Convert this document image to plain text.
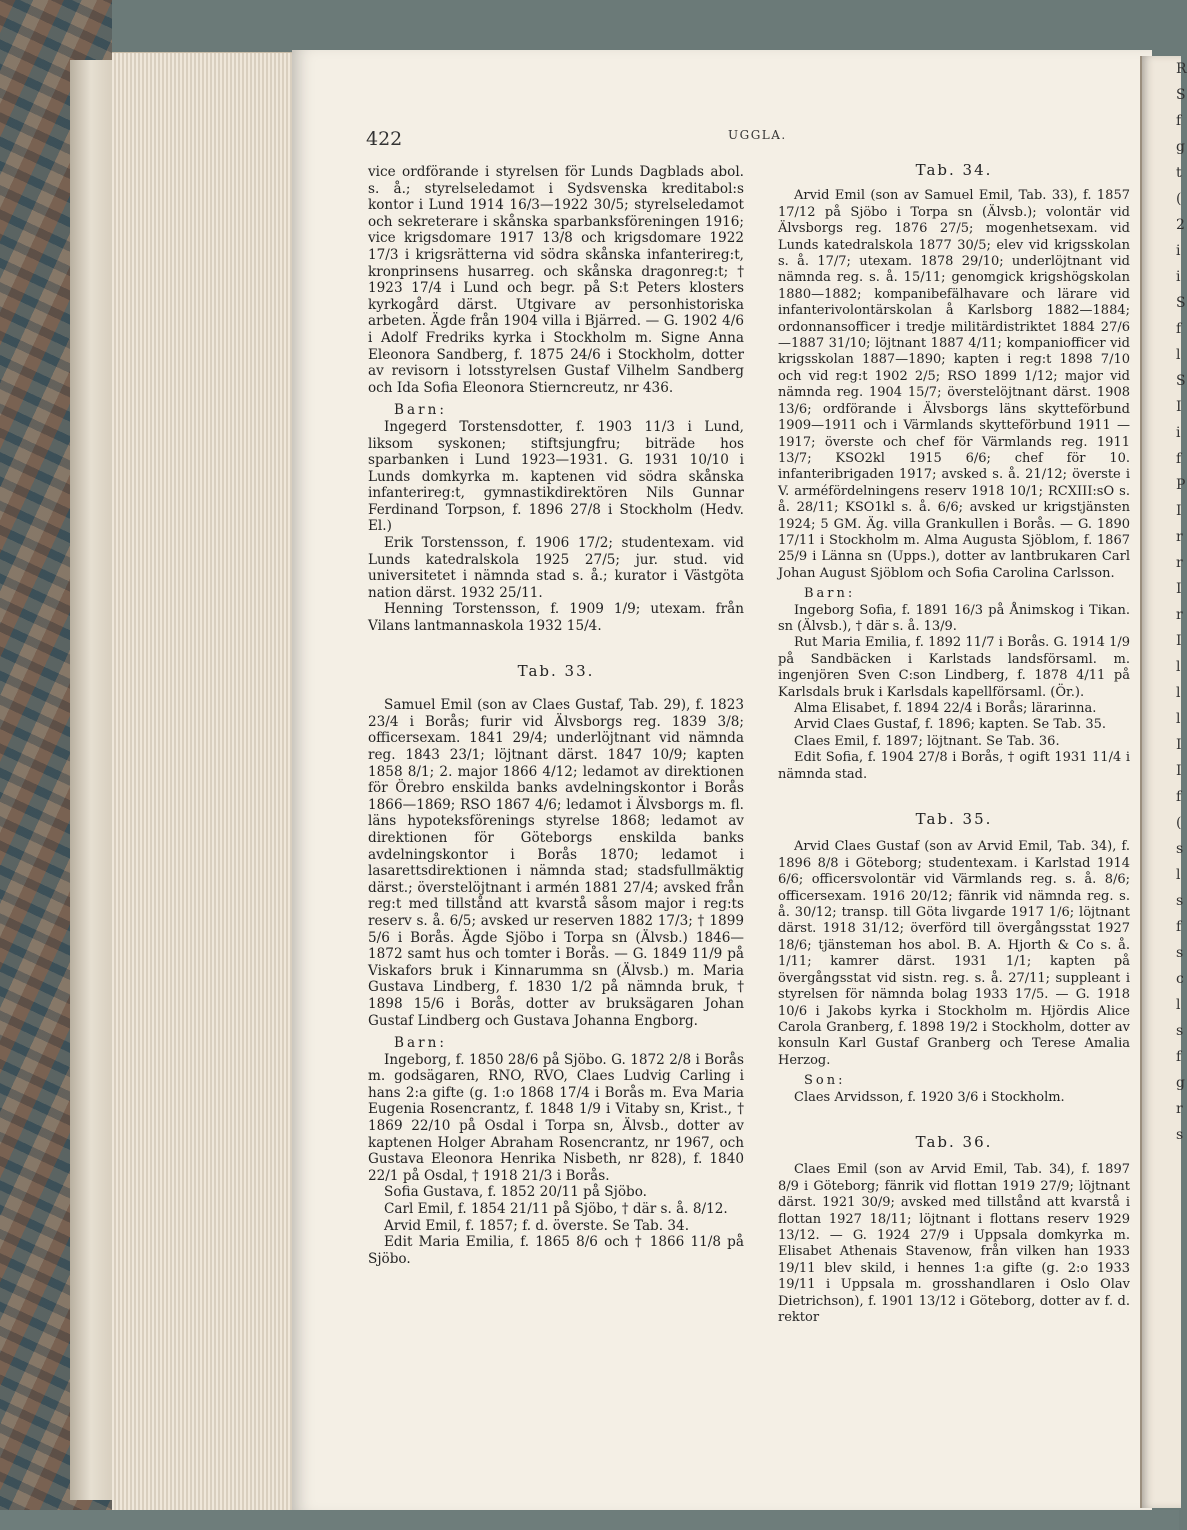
R
S
f
g
t
(
2
i
i
S
f
l
S
I
i
f
P
I
r
r
I
r
I
l
l
l
I
I
f
(
s
l
s
f
s
c
l
s
f
g
r
s
422	UGGLA.

vice ordförande i styrelsen för Lunds Dagblads abol. s. å.; styrelseledamot i Sydsvenska kreditabol:s kontor i Lund 1914 16/3—1922 30/5; styrelseledamot och sekreterare i skånska sparbanksföreningen 1916; vice krigsdomare 1917 13/8 och krigsdomare 1922 17/3 i krigsrätterna vid södra skånska infanterireg:t, kronprinsens husarreg. och skånska dragonreg:t; † 1923 17/4 i Lund och begr. på S:t Peters klosters kyrkogård därst. Utgivare av personhistoriska arbeten. Ägde från 1904 villa i Bjärred. — G. 1902 4/6 i Adolf Fredriks kyrka i Stockholm m. Signe Anna Eleonora Sandberg, f. 1875 24/6 i Stockholm, dotter av revisorn i lotsstyrelsen Gustaf Vilhelm Sandberg och Ida Sofia Eleonora Stierncreutz, nr 436.

Barn:

Ingegerd Torstensdotter, f. 1903 11/3 i Lund, liksom syskonen; stiftsjungfru; biträde hos sparbanken i Lund 1923—1931. G. 1931 10/10 i Lunds domkyrka m. kaptenen vid södra skånska infanterireg:t, gymnastikdirektören Nils Gunnar Ferdinand Torpson, f. 1896 27/8 i Stockholm (Hedv. El.)

Erik Torstensson, f. 1906 17/2; studentexam. vid Lunds katedralskola 1925 27/5; jur. stud. vid universitetet i nämnda stad s. å.; kurator i Västgöta nation därst. 1932 25/11.

Henning Torstensson, f. 1909 1/9; utexam. från Vilans lantmannaskola 1932 15/4.

Tab. 33.

Samuel Emil (son av Claes Gustaf, Tab. 29), f. 1823 23/4 i Borås; furir vid Älvsborgs reg. 1839 3/8; officersexam. 1841 29/4; underlöjtnant vid nämnda reg. 1843 23/1; löjtnant därst. 1847 10/9; kapten 1858 8/1; 2. major 1866 4/12; ledamot av direktionen för Örebro enskilda banks avdelningskontor i Borås 1866—1869; RSO 1867 4/6; ledamot i Älvsborgs m. fl. läns hypoteksförenings styrelse 1868; ledamot av direktionen för Göteborgs enskilda banks avdelningskontor i Borås 1870; ledamot i lasarettsdirektionen i nämnda stad; stadsfullmäktig därst.; överstelöjtnant i armén 1881 27/4; avsked från reg:t med tillstånd att kvarstå såsom major i reg:ts reserv s. å. 6/5; avsked ur reserven 1882 17/3; † 1899 5/6 i Borås. Ägde Sjöbo i Torpa sn (Älvsb.) 1846—1872 samt hus och tomter i Borås. — G. 1849 11/9 på Viskafors bruk i Kinnarumma sn (Älvsb.) m. Maria Gustava Lindberg, f. 1830 1/2 på nämnda bruk, † 1898 15/6 i Borås, dotter av bruksägaren Johan Gustaf Lindberg och Gustava Johanna Engborg.

Barn:

Ingeborg, f. 1850 28/6 på Sjöbo. G. 1872 2/8 i Borås m. godsägaren, RNO, RVO, Claes Ludvig Carling i hans 2:a gifte (g. 1:o 1868 17/4 i Borås m. Eva Maria Eugenia Rosencrantz, f. 1848 1/9 i Vitaby sn, Krist., † 1869 22/10 på Osdal i Torpa sn, Älvsb., dotter av kaptenen Holger Abraham Rosencrantz, nr 1967, och Gustava Eleonora Henrika Nisbeth, nr 828), f. 1840 22/1 på Osdal, † 1918 21/3 i Borås.

Sofia Gustava, f. 1852 20/11 på Sjöbo.

Carl Emil, f. 1854 21/11 på Sjöbo, † där s. å. 8/12.

Arvid Emil, f. 1857; f. d. överste. Se Tab. 34.

Edit Maria Emilia, f. 1865 8/6 och † 1866 11/8 på Sjöbo.

Tab. 34.

Arvid Emil (son av Samuel Emil, Tab. 33), f. 1857 17/12 på Sjöbo i Torpa sn (Älvsb.); volontär vid Älvsborgs reg. 1876 27/5; mogenhetsexam. vid Lunds katedralskola 1877 30/5; elev vid krigsskolan s. å. 17/7; utexam. 1878 29/10; underlöjtnant vid nämnda reg. s. å. 15/11; genomgick krigshögskolan 1880—1882; kompanibefälhavare och lärare vid infanterivolontärskolan å Karlsborg 1882—1884; ordonnansofficer i tredje militärdistriktet 1884 27/6—1887 31/10; löjtnant 1887 4/11; kompaniofficer vid krigsskolan 1887—1890; kapten i reg:t 1898 7/10 och vid reg:t 1902 2/5; RSO 1899 1/12; major vid nämnda reg. 1904 15/7; överstelöjtnant därst. 1908 13/6; ordförande i Älvsborgs läns skytteförbund 1909—1911 och i Värmlands skytteförbund 1911 —1917; överste och chef för Värmlands reg. 1911 13/7; KSO2kl 1915 6/6; chef för 10. infanteribrigaden 1917; avsked s. å. 21/12; överste i V. arméfördelningens reserv 1918 10/1; RCXIII:sO s. å. 28/11; KSO1kl s. å. 6/6; avsked ur krigstjänsten 1924; 5 GM. Äg. villa Grankullen i Borås. — G. 1890 17/11 i Stockholm m. Alma Augusta Sjöblom, f. 1867 25/9 i Länna sn (Upps.), dotter av lantbrukaren Carl Johan August Sjöblom och Sofia Carolina Carlsson.

Barn:

Ingeborg Sofia, f. 1891 16/3 på Ånimskog i Tikan. sn (Älvsb.), † där s. å. 13/9.

Rut Maria Emilia, f. 1892 11/7 i Borås. G. 1914 1/9 på Sandbäcken i Karlstads landsförsaml. m. ingenjören Sven C:son Lindberg, f. 1878 4/11 på Karlsdals bruk i Karlsdals kapellförsaml. (Ör.).

Alma Elisabet, f. 1894 22/4 i Borås; lärarinna.

Arvid Claes Gustaf, f. 1896; kapten. Se Tab. 35.

Claes Emil, f. 1897; löjtnant. Se Tab. 36.

Edit Sofia, f. 1904 27/8 i Borås, † ogift 1931 11/4 i nämnda stad.

Tab. 35.

Arvid Claes Gustaf (son av Arvid Emil, Tab. 34), f. 1896 8/8 i Göteborg; studentexam. i Karlstad 1914 6/6; officersvolontär vid Värmlands reg. s. å. 8/6; officersexam. 1916 20/12; fänrik vid nämnda reg. s. å. 30/12; transp. till Göta livgarde 1917 1/6; löjtnant därst. 1918 31/12; överförd till övergångsstat 1927 18/6; tjänsteman hos abol. B. A. Hjorth & Co s. å. 1/11; kamrer därst. 1931 1/1; kapten på övergångsstat vid sistn. reg. s. å. 27/11; suppleant i styrelsen för nämnda bolag 1933 17/5. — G. 1918 10/6 i Jakobs kyrka i Stockholm m. Hjördis Alice Carola Granberg, f. 1898 19/2 i Stockholm, dotter av konsuln Karl Gustaf Granberg och Terese Amalia Herzog.

Son:

Claes Arvidsson, f. 1920 3/6 i Stockholm.

Tab. 36.

Claes Emil (son av Arvid Emil, Tab. 34), f. 1897 8/9 i Göteborg; fänrik vid flottan 1919 27/9; löjtnant därst. 1921 30/9; avsked med tillstånd att kvarstå i flottan 1927 18/11; löjtnant i flottans reserv 1929 13/12. — G. 1924 27/9 i Uppsala domkyrka m. Elisabet Athenais Stavenow, från vilken han 1933 19/11 blev skild, i hennes 1:a gifte (g. 2:o 1933 19/11 i Uppsala m. grosshandlaren i Oslo Olav Dietrichson), f. 1901 13/12 i Göteborg, dotter av f. d. rektor
